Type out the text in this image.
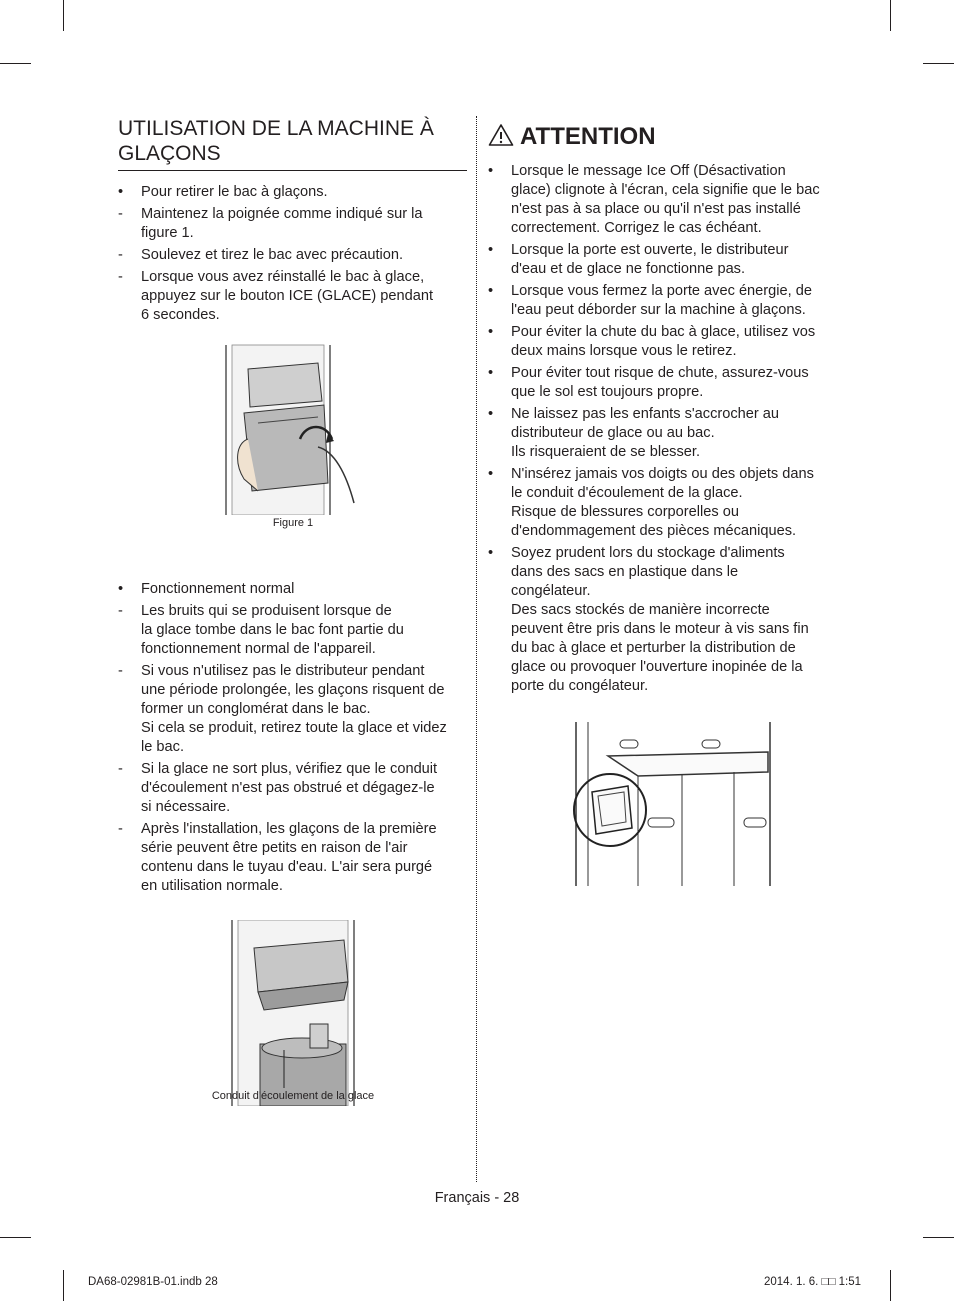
UTILISATION DE LA MACHINE À GLAÇONS
•	Pour retirer le bac à glaçons.
-	Maintenez la poignée comme indiqué sur la
figure 1.
-	Soulevez et tirez le bac avec précaution.
-	Lorsque vous avez réinstallé le bac à glace,
appuyez sur le bouton ICE (GLACE) pendant
6 secondes.
Figure 1
•	Fonctionnement normal
-	Les bruits qui se produisent lorsque de
la glace tombe dans le bac font partie du
fonctionnement normal de l'appareil.
-	Si vous n'utilisez pas le distributeur pendant
une période prolongée, les glaçons risquent de
former un conglomérat dans le bac.
Si cela se produit, retirez toute la glace et videz
le bac.
-	Si la glace ne sort plus, vérifiez que le conduit
d'écoulement n'est pas obstrué et dégagez-le
si nécessaire.
-	Après l'installation, les glaçons de la première
série peuvent être petits en raison de l'air
contenu dans le tuyau d'eau. L'air sera purgé
en utilisation normale.
Conduit d'écoulement de la glace
ATTENTION
•	Lorsque le message Ice Off (Désactivation
glace) clignote à l'écran, cela signifie que le bac
n'est pas à sa place ou qu'il n'est pas installé
correctement. Corrigez le cas échéant.
•	Lorsque la porte est ouverte, le distributeur
d'eau et de glace ne fonctionne pas.
•	Lorsque vous fermez la porte avec énergie, de
l'eau peut déborder sur la machine à glaçons.
•	Pour éviter la chute du bac à glace, utilisez vos
deux mains lorsque vous le retirez.
•	Pour éviter tout risque de chute, assurez-vous
que le sol est toujours propre.
•	Ne laissez pas les enfants s'accrocher au
distributeur de glace ou au bac.
Ils risqueraient de se blesser.
•	N'insérez jamais vos doigts ou des objets dans
le conduit d'écoulement de la glace.
Risque de blessures corporelles ou
d'endommagement des pièces mécaniques.
•	Soyez prudent lors du stockage d'aliments
dans des sacs en plastique dans le
congélateur.
Des sacs stockés de manière incorrecte
peuvent être pris dans le moteur à vis sans fin
du bac à glace et perturber la distribution de
glace ou provoquer l'ouverture inopinée de la
porte du congélateur.
Français - 28
DA68-02981B-01.indb 28	2014. 1. 6. □□ 1:51
